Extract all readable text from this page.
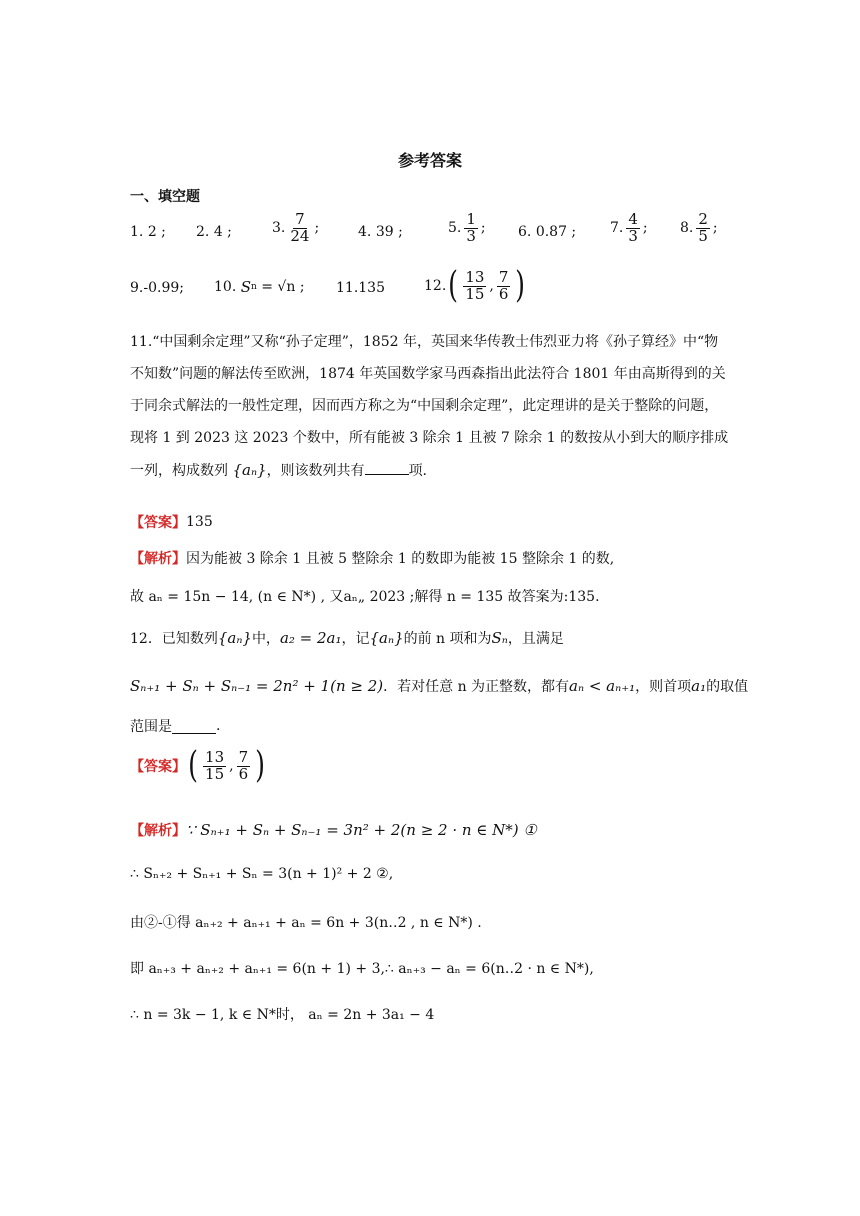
参考答案
一、填空题
1.
2 ; 2.
4 ;	3. $\frac{7}{24}$ ;	4.
39 ;	5. $\frac{1}{3}$ ; 6.
0.87 ; 7. $\frac{4}{3}$ ; 8. $\frac{2}{5}$ ;
9.-0.99; 10.
S n
= √n ; 11.135	12. ( $\frac{13}{15}$ , $\frac{7}{6}$ )
11.“中国剩余定理”又称“孙子定理”，1852 年，英国来华传教士伟烈亚力将《孙子算经》中“物不知数”问题的解法传至欧洲，1874 年英国数学家马西森指出此法符合 1801 年由高斯得到的关于同余式解法的一般性定理，因而西方称之为“中国剩余定理”，此定理讲的是关于整除的问题，现将 1 到 2023 这 2023 个数中，所有能被 3 除余 1 且被 7 除余 1 的数按从小到大的顺序排成一列，构成数列 {aₙ}，则该数列共有	项.
【答案】 135
【解析】 因为能被 3 除余 1 且被 5 整除余 1 的数即为能被 15 整除余 1 的数,
故 aₙ = 15n − 14, (n ∈ N*) , 又aₙ„ 2023 ;解得 n = 135 故答案为:135.
12．已知数列 {aₙ} 中， a₂ = 2a₁ ，记 {aₙ} 的前 n 项和为 Sₙ ，且满足
Sₙ₊₁ + Sₙ + Sₙ₋₁ = 2n² + 1(n ≥ 2) ．若对任意 n 为正整数，都有 aₙ < aₙ₊₁ ，则首项 a₁ 的取值
范围是	.
【答案】 ( $\frac{13}{15}$ , $\frac{7}{6}$ )
【解析】 ∵ Sₙ₊₁ + Sₙ + Sₙ₋₁ = 3n² + 2(n ≥ 2 · n ∈ N*) ①
∴ Sₙ₊₂ + Sₙ₊₁ + Sₙ = 3(n + 1)² + 2 ②,
由②-①得 aₙ₊₂ + aₙ₊₁ + aₙ = 6n + 3(n‥2 , n ∈ N*) .
即 aₙ₊₃ + aₙ₊₂ + aₙ₊₁ = 6(n + 1) + 3,∴ aₙ₊₃ − aₙ = 6(n‥2 · n ∈ N*),
∴ n = 3k − 1, k ∈ N*时， aₙ = 2n + 3a₁ − 4
